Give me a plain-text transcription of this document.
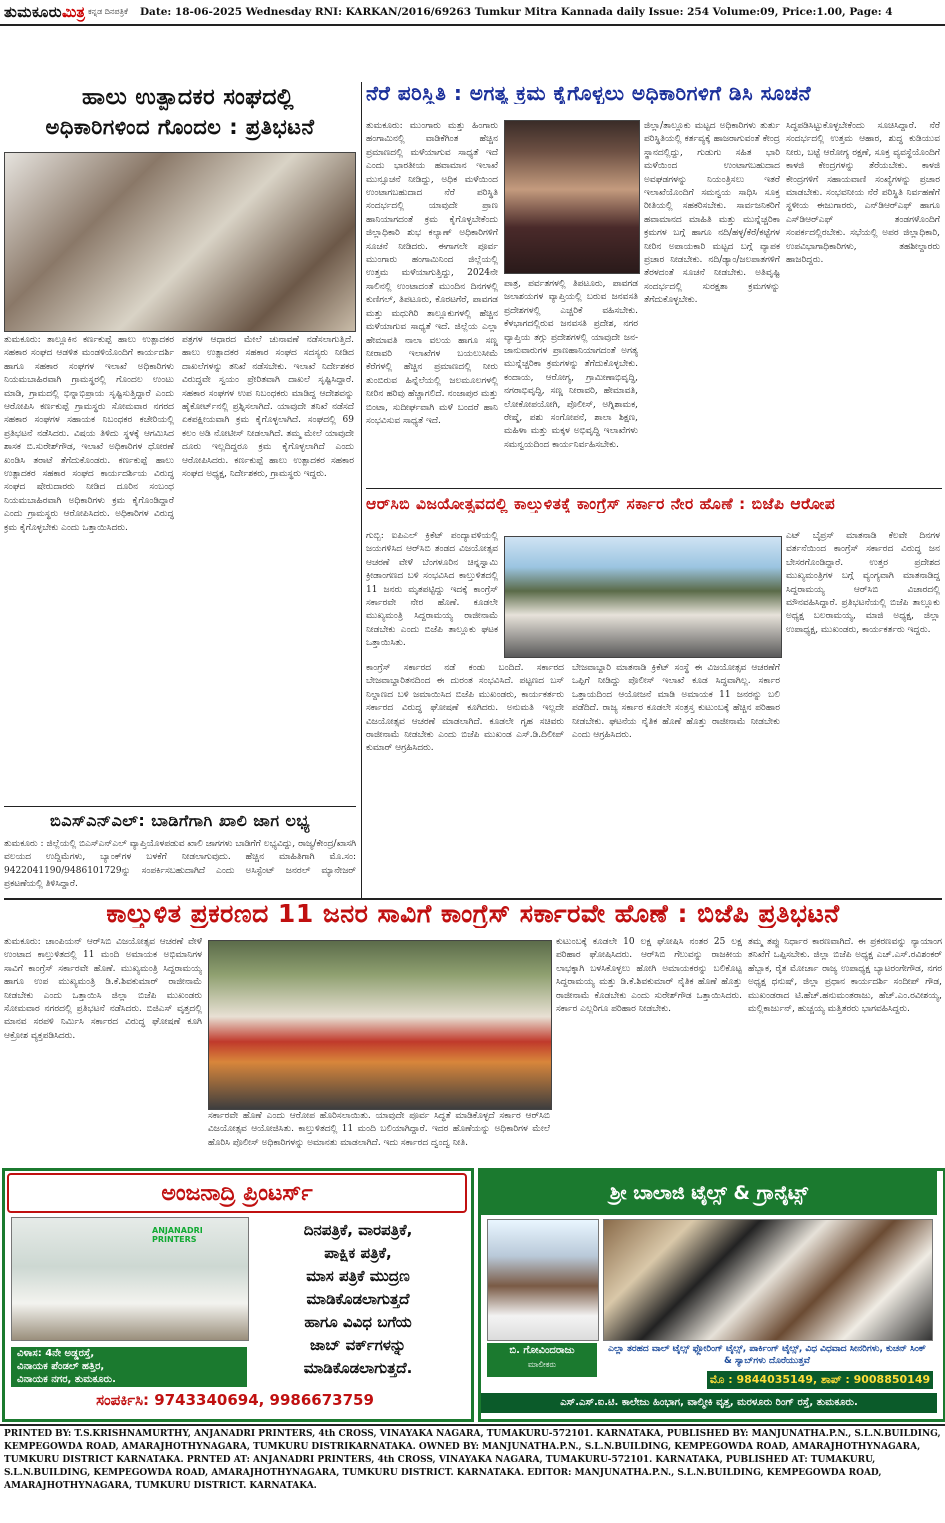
ತುಮಕೂರು ಮಿತ್ರ ಕನ್ನಡ ದಿನಪತ್ರಿಕೆ Date: 18-06-2025 Wednesday RNI: KARKAN/2016/69263 Tumkur Mitra Kannada daily Issue: 254 Volume:09, Price:1.00, Page: 4
ಹಾಲು ಉತ್ಪಾದಕರ ಸಂಘದಲ್ಲಿ
ಅಧಿಕಾರಿಗಳಿಂದ ಗೊಂದಲ : ಪ್ರತಿಭಟನೆ
ತುಮಕೂರು: ತಾಲ್ಲೂಕಿನ ಕರ್ಣಕುಪ್ಪೆ ಹಾಲು ಉತ್ಪಾದಕರ ಸಹಕಾರ ಸಂಘದ ಆಡಳಿತ ಮಂಡಳಿಯೊಂದಿಗೆ ಕಾರ್ಯದರ್ಶಿ ಹಾಗೂ ಸಹಕಾರ ಸಂಘಗಳ ಇಲಾಖೆ ಅಧಿಕಾರಿಗಳು ನಿಯಮಬಾಹಿರವಾಗಿ ಗ್ರಾಮಸ್ಥರಲ್ಲಿ ಗೊಂದಲ ಉಂಟು ಮಾಡಿ, ಗ್ರಾಮದಲ್ಲಿ ಭಿನ್ನಾಭಿಪ್ರಾಯ ಸೃಷ್ಟಿಸುತ್ತಿದ್ದಾರೆ ಎಂದು ಆರೋಪಿಸಿ ಕರ್ಣಕುಪ್ಪೆ ಗ್ರಾಮಸ್ಥರು ಸೋಮವಾರ ನಗರದ ಸಹಕಾರ ಸಂಘಗಳ ಸಹಾಯಕ ನಿಬಂಧಕರ ಕಚೇರಿಯಲ್ಲಿ ಪ್ರತಿಭಟನೆ ನಡೆಸಿದರು. ವಿಷಯ ತಿಳಿದು ಸ್ಥಳಕ್ಕೆ ಆಗಮಿಸಿದ ಶಾಸಕ ಬಿ.ಸುರೇಶ್‌ಗೌಡ, ಇಲಾಖೆ ಅಧಿಕಾರಿಗಳ ಧೋರಣೆ ಖಂಡಿಸಿ ತರಾಟೆ ತೆಗೆದುಕೊಂಡರು. ಕರ್ಣಕುಪ್ಪೆ ಹಾಲು ಉತ್ಪಾದಕರ ಸಹಕಾರ ಸಂಘದ ಕಾರ್ಯದರ್ಶಿಯ ವಿರುದ್ಧ ಸಂಘದ ಷೇರುದಾರರು ನೀಡಿದ ದೂರಿನ ಸಂಬಂಧ ನಿಯಮಬಾಹಿರವಾಗಿ ಅಧಿಕಾರಿಗಳು ಕ್ರಮ ಕೈಗೊಂಡಿದ್ದಾರೆ ಎಂದು ಗ್ರಾಮಸ್ಥರು ಆರೋಪಿಸಿದರು. ಅಧಿಕಾರಿಗಳ ವಿರುದ್ಧ ಕ್ರಮ ಕೈಗೊಳ್ಳಬೇಕು ಎಂದು ಒತ್ತಾಯಿಸಿದರು.
ಪತ್ರಗಳ ಆಧಾರದ ಮೇಲೆ ಚುನಾವಣೆ ನಡೆಸಲಾಗುತ್ತಿದೆ. ಹಾಲು ಉತ್ಪಾದಕರ ಸಹಕಾರ ಸಂಘದ ಸದಸ್ಯರು ನೀಡಿದ ದಾಖಲೆಗಳನ್ನು ತನಿಖೆ ನಡೆಸಬೇಕು. ಇಲಾಖೆ ನಿರ್ದೇಶಕರ ವಿರುದ್ಧವೇ ಸ್ವಯಂ ಪ್ರೇರಿತವಾಗಿ ದಾಖಲೆ ಸೃಷ್ಟಿಸಿದ್ದಾರೆ. ಸಹಕಾರ ಸಂಘಗಳ ಉಪ ನಿಬಂಧಕರು ಮಾಡಿದ್ದ ಆದೇಶವನ್ನು ಹೈಕೋರ್ಟ್‌ನಲ್ಲಿ ಪ್ರಶ್ನಿಸಲಾಗಿದೆ. ಯಾವುದೇ ತನಿಖೆ ನಡೆಸದೆ ಏಕಪಕ್ಷೀಯವಾಗಿ ಕ್ರಮ ಕೈಗೊಳ್ಳಲಾಗಿದೆ. ಸಂಘದಲ್ಲಿ 69 ಕಲಂ ಅಡಿ ನೋಟೀಸ್ ನೀಡಲಾಗಿದೆ. ತಮ್ಮ ಮೇಲೆ ಯಾವುದೇ ದೂರು ಇಲ್ಲದಿದ್ದರೂ ಕ್ರಮ ಕೈಗೊಳ್ಳಲಾಗಿದೆ ಎಂದು ಆರೋಪಿಸಿದರು. ಕರ್ಣಕುಪ್ಪೆ ಹಾಲು ಉತ್ಪಾದಕರ ಸಹಕಾರ ಸಂಘದ ಅಧ್ಯಕ್ಷ, ನಿರ್ದೇಶಕರು, ಗ್ರಾಮಸ್ಥರು ಇದ್ದರು.
ಬಿಎಸ್‌ಎನ್‌ಎಲ್: ಬಾಡಿಗೆಗಾಗಿ ಖಾಲಿ ಜಾಗ ಲಭ್ಯ
ತುಮಕೂರು : ಜಿಲ್ಲೆಯಲ್ಲಿ ಬಿಎಸ್‌ಎನ್‌ಎಲ್ ವ್ಯಾಪ್ತಿಯೊಳಪಡುವ ಖಾಲಿ ಜಾಗಗಳು ಬಾಡಿಗೆಗೆ ಲಭ್ಯವಿದ್ದು, ರಾಜ್ಯ/ಕೇಂದ್ರ/ಖಾಸಗಿ ವಲಯದ ಉದ್ದಿಮೆಗಳು, ಬ್ಯಾಂಕ್‌ಗಳ ಬಳಕೆಗೆ ನೀಡಲಾಗುವುದು. ಹೆಚ್ಚಿನ ಮಾಹಿತಿಗಾಗಿ ಮೊ.ಸಂ: 9422041190/9486101729ನ್ನು ಸಂಪರ್ಕಿಸಬಹುದಾಗಿದೆ ಎಂದು ಅಸಿಸ್ಟೆಂಟ್ ಜನರಲ್ ಮ್ಯಾನೇಜರ್ ಪ್ರಕಟಣೆಯಲ್ಲಿ ತಿಳಿಸಿದ್ದಾರೆ.
ನೆರೆ ಪರಿಸ್ಥಿತಿ : ಅಗತ್ಯ ಕ್ರಮ ಕೈಗೊಳ್ಳಲು ಅಧಿಕಾರಿಗಳಿಗೆ ಡಿಸಿ ಸೂಚನೆ
ತುಮಕೂರು: ಮುಂಗಾರು ಮತ್ತು ಹಿಂಗಾರು ಹಂಗಾಮಿನಲ್ಲಿ ವಾಡಿಕೆಗಿಂತ ಹೆಚ್ಚಿನ ಪ್ರಮಾಣದಲ್ಲಿ ಮಳೆಯಾಗುವ ಸಾಧ್ಯತೆ ಇದೆ ಎಂದು ಭಾರತೀಯ ಹವಾಮಾನ ಇಲಾಖೆ ಮುನ್ಸೂಚನೆ ನೀಡಿದ್ದು, ಅಧಿಕ ಮಳೆಯಿಂದ ಉಂಟಾಗಬಹುದಾದ ನೆರೆ ಪರಿಸ್ಥಿತಿ ಸಂದರ್ಭದಲ್ಲಿ ಯಾವುದೇ ಪ್ರಾಣ ಹಾನಿಯಾಗದಂತೆ ಕ್ರಮ ಕೈಗೊಳ್ಳಬೇಕೆಂದು ಜಿಲ್ಲಾಧಿಕಾರಿ ಶುಭ ಕಲ್ಯಾಣ್ ಅಧಿಕಾರಿಗಳಿಗೆ ಸೂಚನೆ ನೀಡಿದರು. ಈಗಾಗಲೇ ಪೂರ್ವ ಮುಂಗಾರು ಹಂಗಾಮಿನಿಂದ ಜಿಲ್ಲೆಯಲ್ಲಿ ಉತ್ತಮ ಮಳೆಯಾಗುತ್ತಿದ್ದು, 2024ನೇ ಸಾಲಿನಲ್ಲಿ ಉಂಟಾದಂತೆ ಮುಂದಿನ ದಿನಗಳಲ್ಲಿ ಕುಣಿಗಲ್, ತಿಪಟೂರು, ಕೊರಟಗೆರೆ, ಪಾವಗಡ ಮತ್ತು ಮಧುಗಿರಿ ತಾಲ್ಲೂಕುಗಳಲ್ಲಿ ಹೆಚ್ಚಿನ ಮಳೆಯಾಗುವ ಸಾಧ್ಯತೆ ಇದೆ. ಜಿಲ್ಲೆಯ ಎಲ್ಲಾ ಹೇಮಾವತಿ ನಾಲಾ ವಲಯ ಹಾಗೂ ಸಣ್ಣ ನೀರಾವರಿ ಇಲಾಖೆಗಳ ಬಯಲುಸೀಮೆ ಕೆರೆಗಳಲ್ಲಿ ಹೆಚ್ಚಿನ ಪ್ರಮಾಣದಲ್ಲಿ ನೀರು ತುಂಬಿರುವ ಹಿನ್ನೆಲೆಯಲ್ಲಿ ಜಲಮೂಲಗಳಲ್ಲಿ ನೀರಿನ ಹರಿವು ಹೆಚ್ಚಾಗಲಿದೆ. ನಂಜಾಪುರ ಮತ್ತು ಬಿಂಟಾ, ಸುದೀರ್ಘವಾಗಿ ಮಳೆ ಬಂದರೆ ಹಾನಿ ಸಂಭವಿಸುವ ಸಾಧ್ಯತೆ ಇದೆ.
ಪಾತ್ರ, ಪರ್ವತಗಳಲ್ಲಿ ತಿಪಟೂರು, ಪಾವಗಡ ಜಲಾಶಯಗಳ ವ್ಯಾಪ್ತಿಯಲ್ಲಿ ಬರುವ ಜನವಸತಿ ಪ್ರದೇಶಗಳಲ್ಲಿ ಎಚ್ಚರಿಕೆ ವಹಿಸಬೇಕು. ಕೆಳಭಾಗದಲ್ಲಿರುವ ಜನವಸತಿ ಪ್ರದೇಶ, ನಗರ ವ್ಯಾಪ್ತಿಯ ತಗ್ಗು ಪ್ರದೇಶಗಳಲ್ಲಿ ಯಾವುದೇ ಜನ-ಜಾನುವಾರುಗಳ ಪ್ರಾಣಹಾನಿಯಾಗದಂತೆ ಅಗತ್ಯ ಮುನ್ನೆಚ್ಚರಿಕಾ ಕ್ರಮಗಳನ್ನು ತೆಗೆದುಕೊಳ್ಳಬೇಕು. ಕಂದಾಯ, ಆರೋಗ್ಯ, ಗ್ರಾಮೀಣಾಭಿವೃದ್ಧಿ, ನಗರಾಭಿವೃದ್ಧಿ, ಸಣ್ಣ ನೀರಾವರಿ, ಹೇಮಾವತಿ, ಲೋಕೋಪಯೋಗಿ, ಪೊಲೀಸ್, ಅಗ್ನಿಶಾಮಕ, ರೇಷ್ಮೆ, ಪಶು ಸಂಗೋಪನೆ, ಶಾಲಾ ಶಿಕ್ಷಣ, ಮಹಿಳಾ ಮತ್ತು ಮಕ್ಕಳ ಅಭಿವೃದ್ಧಿ ಇಲಾಖೆಗಳು ಸಮನ್ವಯದಿಂದ ಕಾರ್ಯನಿರ್ವಹಿಸಬೇಕು.
ಜಿಲ್ಲಾ/ತಾಲ್ಲೂಕು ಮಟ್ಟದ ಅಧಿಕಾರಿಗಳು ತುರ್ತು ಪರಿಸ್ಥಿತಿಯಲ್ಲಿ ಕರ್ತವ್ಯಕ್ಕೆ ಹಾಜರಾಗುವಂತೆ ಕೇಂದ್ರ ಸ್ಥಾನದಲ್ಲಿದ್ದು, ಗುಡುಗು ಸಹಿತ ಭಾರಿ ಮಳೆಯಿಂದ ಉಂಟಾಗಬಹುದಾದ ಅವಘಡಗಳನ್ನು ನಿಯಂತ್ರಿಸಲು ಇತರೆ ಇಲಾಖೆಯೊಂದಿಗೆ ಸಮನ್ವಯ ಸಾಧಿಸಿ ಸೂಕ್ತ ರೀತಿಯಲ್ಲಿ ಸಹಕರಿಸಬೇಕು. ಸಾರ್ವಜನಿಕರಿಗೆ ಹವಾಮಾನದ ಮಾಹಿತಿ ಮತ್ತು ಮುನ್ನೆಚ್ಚರಿಕಾ ಕ್ರಮಗಳ ಬಗ್ಗೆ ಹಾಗೂ ನದಿ/ಹಳ್ಳ/ಕೆರೆ/ಕಟ್ಟೆಗಳ ನೀರಿನ ಅಪಾಯಕಾರಿ ಮಟ್ಟದ ಬಗ್ಗೆ ವ್ಯಾಪಕ ಪ್ರಚಾರ ನೀಡಬೇಕು. ನದಿ/ಡ್ಯಾಂ/ಜಲಪಾತಗಳಿಗೆ ತೆರಳದಂತೆ ಸೂಚನೆ ನೀಡಬೇಕು. ಅತಿವೃಷ್ಟಿ ಸಂದರ್ಭದಲ್ಲಿ ಸುರಕ್ಷತಾ ಕ್ರಮಗಳನ್ನು ತೆಗೆದುಕೊಳ್ಳಬೇಕು.
ಸಿದ್ಧಪಡಿಸಿಟ್ಟುಕೊಳ್ಳಬೇಕೆಂದು ಸೂಚಿಸಿದ್ದಾರೆ. ನೆರೆ ಸಂದರ್ಭದಲ್ಲಿ ಉತ್ತಮ ಆಹಾರ, ಶುದ್ಧ ಕುಡಿಯುವ ನೀರು, ಬಟ್ಟೆ ಆರೋಗ್ಯ ರಕ್ಷಣೆ, ಸೂಕ್ತ ವ್ಯವಸ್ಥೆಯೊಂದಿಗೆ ಕಾಳಜಿ ಕೇಂದ್ರಗಳನ್ನು ತೆರೆಯಬೇಕು. ಕಾಳಜಿ ಕೇಂದ್ರಗಳಿಗೆ ಸಹಾಯವಾಣಿ ಸಂಖ್ಯೆಗಳನ್ನು ಪ್ರಚಾರ ಮಾಡಬೇಕು. ಸಂಭವನೀಯ ನೆರೆ ಪರಿಸ್ಥಿತಿ ನಿರ್ವಹಣೆಗೆ ಸ್ಥಳೀಯ ಈಜುಗಾರರು, ಎನ್‌ಡಿಆರ್‌ಎಫ್ ಹಾಗೂ ಎಸ್‌ಡಿಆರ್‌ಎಫ್ ತಂಡಗಳೊಂದಿಗೆ ಸಂಪರ್ಕದಲ್ಲಿರಬೇಕು. ಸಭೆಯಲ್ಲಿ ಅಪರ ಜಿಲ್ಲಾಧಿಕಾರಿ, ಉಪವಿಭಾಗಾಧಿಕಾರಿಗಳು, ತಹಶೀಲ್ದಾರರು ಹಾಜರಿದ್ದರು.
ಆರ್‌ಸಿಬಿ ವಿಜಯೋತ್ಸವದಲ್ಲಿ ಕಾಲ್ತುಳಿತಕ್ಕೆ ಕಾಂಗ್ರೆಸ್ ಸರ್ಕಾರ ನೇರ ಹೊಣೆ : ಬಿಜೆಪಿ ಆರೋಪ
ಗುಬ್ಬಿ: ಐಪಿಎಲ್ ಕ್ರಿಕೆಟ್ ಪಂದ್ಯಾವಳಿಯಲ್ಲಿ ಜಯಗಳಿಸಿದ ಆರ್‌ಸಿಬಿ ತಂಡದ ವಿಜಯೋತ್ಸವ ಆಚರಣೆ ವೇಳೆ ಬೆಂಗಳೂರಿನ ಚಿನ್ನಸ್ವಾಮಿ ಕ್ರೀಡಾಂಗಣದ ಬಳಿ ಸಂಭವಿಸಿದ ಕಾಲ್ತುಳಿತದಲ್ಲಿ 11 ಜನರು ಮೃತಪಟ್ಟಿದ್ದು ಇದಕ್ಕೆ ಕಾಂಗ್ರೆಸ್ ಸರ್ಕಾರವೇ ನೇರ ಹೊಣೆ. ಕೂಡಲೇ ಮುಖ್ಯಮಂತ್ರಿ ಸಿದ್ದರಾಮಯ್ಯ ರಾಜೀನಾಮೆ ನೀಡಬೇಕು ಎಂದು ಬಿಜೆಪಿ ತಾಲ್ಲೂಕು ಘಟಕ ಒತ್ತಾಯಿಸಿತು.
ಎಟ್ ಬೈಪ್ರಸ್ ಮಾತನಾಡಿ ಕೆಲವೇ ದಿನಗಳ ವರ್ತನೆಯಿಂದ ಕಾಂಗ್ರೆಸ್ ಸರ್ಕಾರದ ವಿರುದ್ಧ ಜನ ಬೇಸರಗೊಂಡಿದ್ದಾರೆ. ಉತ್ತರ ಪ್ರದೇಶದ ಮುಖ್ಯಮಂತ್ರಿಗಳ ಬಗ್ಗೆ ವ್ಯಂಗ್ಯವಾಗಿ ಮಾತನಾಡಿದ್ದ ಸಿದ್ದರಾಮಯ್ಯ ಆರ್‌ಸಿಬಿ ವಿಚಾರದಲ್ಲಿ ಮೌನವಹಿಸಿದ್ದಾರೆ. ಪ್ರತಿಭಟನೆಯಲ್ಲಿ ಬಿಜೆಪಿ ತಾಲ್ಲೂಕು ಅಧ್ಯಕ್ಷ ಬಲರಾಮಯ್ಯ, ಮಾಜಿ ಅಧ್ಯಕ್ಷ, ಜಿಲ್ಲಾ ಉಪಾಧ್ಯಕ್ಷ, ಮುಖಂಡರು, ಕಾರ್ಯಕರ್ತರು ಇದ್ದರು.
ಕಾಂಗ್ರೆಸ್ ಸರ್ಕಾರದ ನಡೆ ಕಂಡು ಬಂದಿದೆ. ಸರ್ಕಾರದ ಬೇಜವಾಬ್ದಾರಿತನದಿಂದ ಈ ದುರಂತ ಸಂಭವಿಸಿದೆ. ಪಟ್ಟಣದ ಬಸ್ ನಿಲ್ದಾಣದ ಬಳಿ ಜಮಾಯಿಸಿದ ಬಿಜೆಪಿ ಮುಖಂಡರು, ಕಾರ್ಯಕರ್ತರು ಸರ್ಕಾರದ ವಿರುದ್ಧ ಘೋಷಣೆ ಕೂಗಿದರು. ಅನುಮತಿ ಇಲ್ಲದೇ ವಿಜಯೋತ್ಸವ ಆಚರಣೆ ಮಾಡಲಾಗಿದೆ. ಕೂಡಲೇ ಗೃಹ ಸಚಿವರು ರಾಜೀನಾಮೆ ನೀಡಬೇಕು ಎಂದು ಬಿಜೆಪಿ ಮುಖಂಡ ಎಸ್.ಡಿ.ದಿಲೀಪ್ ಕುಮಾರ್ ಆಗ್ರಹಿಸಿದರು.
ಬೇಜವಾಬ್ದಾರಿ ಮಾತನಾಡಿ ಕ್ರಿಕೆಟ್ ಸಂಸ್ಥೆ ಈ ವಿಜಯೋತ್ಸವ ಆಚರಣೆಗೆ ಒಪ್ಪಿಗೆ ನೀಡಿದ್ದು ಪೊಲೀಸ್ ಇಲಾಖೆ ಕೂಡ ಸಿದ್ಧವಾಗಿಲ್ಲ. ಸರ್ಕಾರ ಒತ್ತಾಯದಿಂದ ಆಯೋಜನೆ ಮಾಡಿ ಅಮಾಯಕ 11 ಜನರನ್ನು ಬಲಿ ಪಡೆದಿದೆ. ರಾಜ್ಯ ಸರ್ಕಾರ ಕೂಡಲೇ ಸಂತ್ರಸ್ತ ಕುಟುಂಬಕ್ಕೆ ಹೆಚ್ಚಿನ ಪರಿಹಾರ ನೀಡಬೇಕು. ಘಟನೆಯ ನೈತಿಕ ಹೊಣೆ ಹೊತ್ತು ರಾಜೀನಾಮೆ ನೀಡಬೇಕು ಎಂದು ಆಗ್ರಹಿಸಿದರು.
ಕಾಲ್ತುಳಿತ ಪ್ರಕರಣದ 11 ಜನರ ಸಾವಿಗೆ ಕಾಂಗ್ರೆಸ್ ಸರ್ಕಾರವೇ ಹೊಣೆ : ಬಿಜೆಪಿ ಪ್ರತಿಭಟನೆ
ತುಮಕೂರು: ಚಾಂಪಿಯನ್ ಆರ್‌ಸಿಬಿ ವಿಜಯೋತ್ಸವ ಆಚರಣೆ ವೇಳೆ ಉಂಟಾದ ಕಾಲ್ತುಳಿತದಲ್ಲಿ 11 ಮಂದಿ ಅಮಾಯಕ ಅಭಿಮಾನಿಗಳ ಸಾವಿಗೆ ಕಾಂಗ್ರೆಸ್ ಸರ್ಕಾರವೇ ಹೊಣೆ. ಮುಖ್ಯಮಂತ್ರಿ ಸಿದ್ದರಾಮಯ್ಯ ಹಾಗೂ ಉಪ ಮುಖ್ಯಮಂತ್ರಿ ಡಿ.ಕೆ.ಶಿವಕುಮಾರ್ ರಾಜೀನಾಮೆ ನೀಡಬೇಕು ಎಂದು ಒತ್ತಾಯಿಸಿ ಜಿಲ್ಲಾ ಬಿಜೆಪಿ ಮುಖಂಡರು ಸೋಮವಾರ ನಗರದಲ್ಲಿ ಪ್ರತಿಭಟನೆ ನಡೆಸಿದರು. ಬಿಜಿಎಸ್ ವೃತ್ತದಲ್ಲಿ ಮಾನವ ಸರಪಳಿ ನಿರ್ಮಿಸಿ ಸರ್ಕಾರದ ವಿರುದ್ಧ ಘೋಷಣೆ ಕೂಗಿ ಆಕ್ರೋಶ ವ್ಯಕ್ತಪಡಿಸಿದರು.
ಸರ್ಕಾರವೇ ಹೊಣೆ ಎಂದು ಆರೋಪ ಹೊರಿಸಲಾಯಿತು. ಯಾವುದೇ ಪೂರ್ವ ಸಿದ್ಧತೆ ಮಾಡಿಕೊಳ್ಳದೆ ಸರ್ಕಾರ ಆರ್‌ಸಿಬಿ ವಿಜಯೋತ್ಸವ ಆಯೋಜಿಸಿತು. ಕಾಲ್ತುಳಿತದಲ್ಲಿ 11 ಮಂದಿ ಬಲಿಯಾಗಿದ್ದಾರೆ. ಇದರ ಹೊಣೆಯನ್ನು ಅಧಿಕಾರಿಗಳ ಮೇಲೆ ಹೊರಿಸಿ ಪೊಲೀಸ್ ಅಧಿಕಾರಿಗಳನ್ನು ಅಮಾನತು ಮಾಡಲಾಗಿದೆ. ಇದು ಸರ್ಕಾರದ ದ್ವಂದ್ವ ನೀತಿ.
ಕುಟುಂಬಕ್ಕೆ ಕೂಡಲೇ 10 ಲಕ್ಷ ಘೋಷಿಸಿ ನಂತರ 25 ಲಕ್ಷ ಪರಿಹಾರ ಘೋಷಿಸಿದರು. ಆರ್‌ಸಿಬಿ ಗೆಲುವನ್ನು ರಾಜಕೀಯ ಲಾಭಕ್ಕಾಗಿ ಬಳಸಿಕೊಳ್ಳಲು ಹೋಗಿ ಅಮಾಯಕರನ್ನು ಬಲಿಕೊಟ್ಟ ಸಿದ್ದರಾಮಯ್ಯ ಮತ್ತು ಡಿ.ಕೆ.ಶಿವಕುಮಾರ್ ನೈತಿಕ ಹೊಣೆ ಹೊತ್ತು ರಾಜೀನಾಮೆ ಕೊಡಬೇಕು ಎಂದು ಸುರೇಶ್‌ಗೌಡ ಒತ್ತಾಯಿಸಿದರು. ಸರ್ಕಾರ ಎಲ್ಲರಿಗೂ ಪರಿಹಾರ ನೀಡಬೇಕು.
ತಮ್ಮ ತಪ್ಪು ನಿರ್ಧಾರ ಕಾರಣವಾಗಿದೆ. ಈ ಪ್ರಕರಣವನ್ನು ನ್ಯಾಯಾಂಗ ತನಿಖೆಗೆ ಒಪ್ಪಿಸಬೇಕು. ಜಿಲ್ಲಾ ಬಿಜೆಪಿ ಅಧ್ಯಕ್ಷ ಎಚ್.ಎಸ್.ರವಿಶಂಕರ್ ಹೆಬ್ಬಾಕ, ರೈತ ಮೋರ್ಚಾ ರಾಜ್ಯ ಉಪಾಧ್ಯಕ್ಷ ಬ್ಯಾಟರಂಗೇಗೌಡ, ನಗರ ಅಧ್ಯಕ್ಷ ಧನುಷ್, ಜಿಲ್ಲಾ ಪ್ರಧಾನ ಕಾರ್ಯದರ್ಶಿ ಸಂದೀಪ್ ಗೌಡ, ಮುಖಂಡರಾದ ಟಿ.ಹೆಚ್.ಹನುಮಂತರಾಜು, ಹೆಚ್.ಎಂ.ರವೀಶಯ್ಯ, ಮಲ್ಲಿಕಾರ್ಜುನ್, ಹುಚ್ಚಯ್ಯ ಮತ್ತಿತರರು ಭಾಗವಹಿಸಿದ್ದರು.
ಅಂಜನಾದ್ರಿ ಪ್ರಿಂಟರ್ಸ್
ANJANADRI PRINTERS
ವಿಳಾಸ: 4ನೇ ಅಡ್ಡರಸ್ತೆ,
ವಿನಾಯಕ ಪೆಂಡಲ್ ಹತ್ತಿರ,
ವಿನಾಯಕ ನಗರ, ತುಮಕೂರು.
ದಿನಪತ್ರಿಕೆ, ವಾರಪತ್ರಿಕೆ,
ಪಾಕ್ಷಿಕ ಪತ್ರಿಕೆ,
ಮಾಸ ಪತ್ರಿಕೆ ಮುದ್ರಣ
ಮಾಡಿಕೊಡಲಾಗುತ್ತದೆ
ಹಾಗೂ ವಿವಿಧ ಬಗೆಯ
ಜಾಬ್ ವರ್ಕ್‌ಗಳನ್ನು
ಮಾಡಿಕೊಡಲಾಗುತ್ತದೆ.
ಸಂಪರ್ಕಿಸಿ: 9743340694, 9986673759
ಶ್ರೀ ಬಾಲಾಜಿ ಟೈಲ್ಸ್ & ಗ್ರಾನೈಟ್ಸ್
ಬಿ. ಗೋವಿಂದರಾಜು
ಮಾಲೀಕರು
ಎಲ್ಲಾ ತರಹದ ವಾಲ್ ಟೈಲ್ಸ್ ಫ್ಲೋರಿಂಗ್ ಟೈಲ್ಸ್, ಪಾರ್ಕಿಂಗ್ ಟೈಲ್ಸ್, ವಿಧ ವಿಧವಾದ ಸೀನರಿಗಳು, ಕುಚನ್ ಸಿಂಕ್ & ಸ್ಯಾಬ್‌ಗಳು ದೊರೆಯುತ್ತವೆ
ಮೊ : 9844035149, ಶಾಪ್ : 9008850149
ಎಸ್.ಎಸ್.ಐ.ಟಿ. ಕಾಲೇಜು ಹಿಂಭಾಗ, ವಾಲ್ಮೀಕಿ ವೃತ್ತ, ಮರಳೂರು ರಿಂಗ್ ರಸ್ತೆ, ತುಮಕೂರು.
PRINTED BY: T.S.KRISHNAMURTHY, ANJANADRI PRINTERS, 4th CROSS, VINAYAKA NAGARA, TUMAKURU-572101. KARNATAKA, PUBLISHED BY: MANJUNATHA.P.N., S.L.N.BUILDING, KEMPEGOWDA ROAD, AMARAJHOTHYNAGARA, TUMKURU DISTRIKARNATAKA. OWNED BY: MANJUNATHA.P.N., S.L.N.BUILDING, KEMPEGOWDA ROAD, AMARAJHOTHYNAGARA, TUMKURU DISTRICT KARNATAKA. PRNTED AT: ANJANADRI PRINTERS, 4th CROSS, VINAYAKA NAGARA, TUMAKURU-572101. KARNATAKA, PUBLISHED AT: TUMAKURU, S.L.N.BUILDING, KEMPEGOWDA ROAD, AMARAJHOTHYNAGARA, TUMKURU DISTRICT. KARNATAKA. EDITOR: MANJUNATHA.P.N., S.L.N.BUILDING, KEMPEGOWDA ROAD, AMARAJHOTHYNAGARA, TUMKURU DISTRICT. KARNATAKA.
